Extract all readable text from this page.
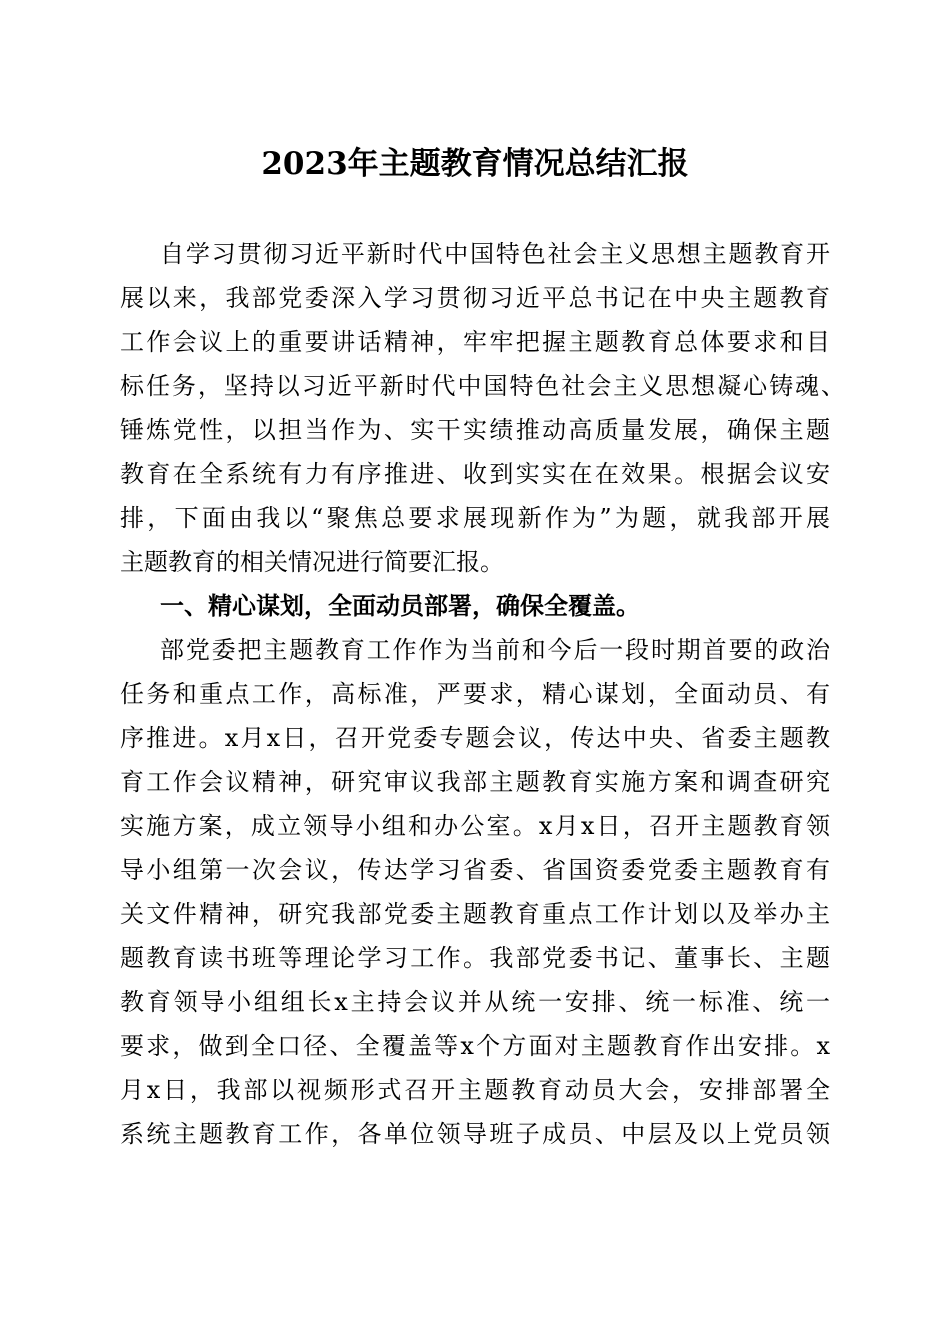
2023年主题教育情况总结汇报
自学习贯彻习近平新时代中国特色社会主义思想主题教育开
展以来，我部党委深入学习贯彻习近平总书记在中央主题教育
工作会议上的重要讲话精神，牢牢把握主题教育总体要求和目
标任务，坚持以习近平新时代中国特色社会主义思想凝心铸魂、
锤炼党性，以担当作为、实干实绩推动高质量发展，确保主题
教育在全系统有力有序推进、收到实实在在效果。根据会议安
排，下面由我以“聚焦总要求展现新作为”为题，就我部开展
主题教育的相关情况进行简要汇报。
一、精心谋划，全面动员部署，确保全覆盖。
部党委把主题教育工作作为当前和今后一段时期首要的政治
任务和重点工作，高标准，严要求，精心谋划，全面动员、有
序推进。x月x日，召开党委专题会议，传达中央、省委主题教
育工作会议精神，研究审议我部主题教育实施方案和调查研究
实施方案，成立领导小组和办公室。x月x日，召开主题教育领
导小组第一次会议，传达学习省委、省国资委党委主题教育有
关文件精神，研究我部党委主题教育重点工作计划以及举办主
题教育读书班等理论学习工作。我部党委书记、董事长、主题
教育领导小组组长x主持会议并从统一安排、统一标准、统一
要求，做到全口径、全覆盖等x个方面对主题教育作出安排。x
月x日，我部以视频形式召开主题教育动员大会，安排部署全
系统主题教育工作，各单位领导班子成员、中层及以上党员领
